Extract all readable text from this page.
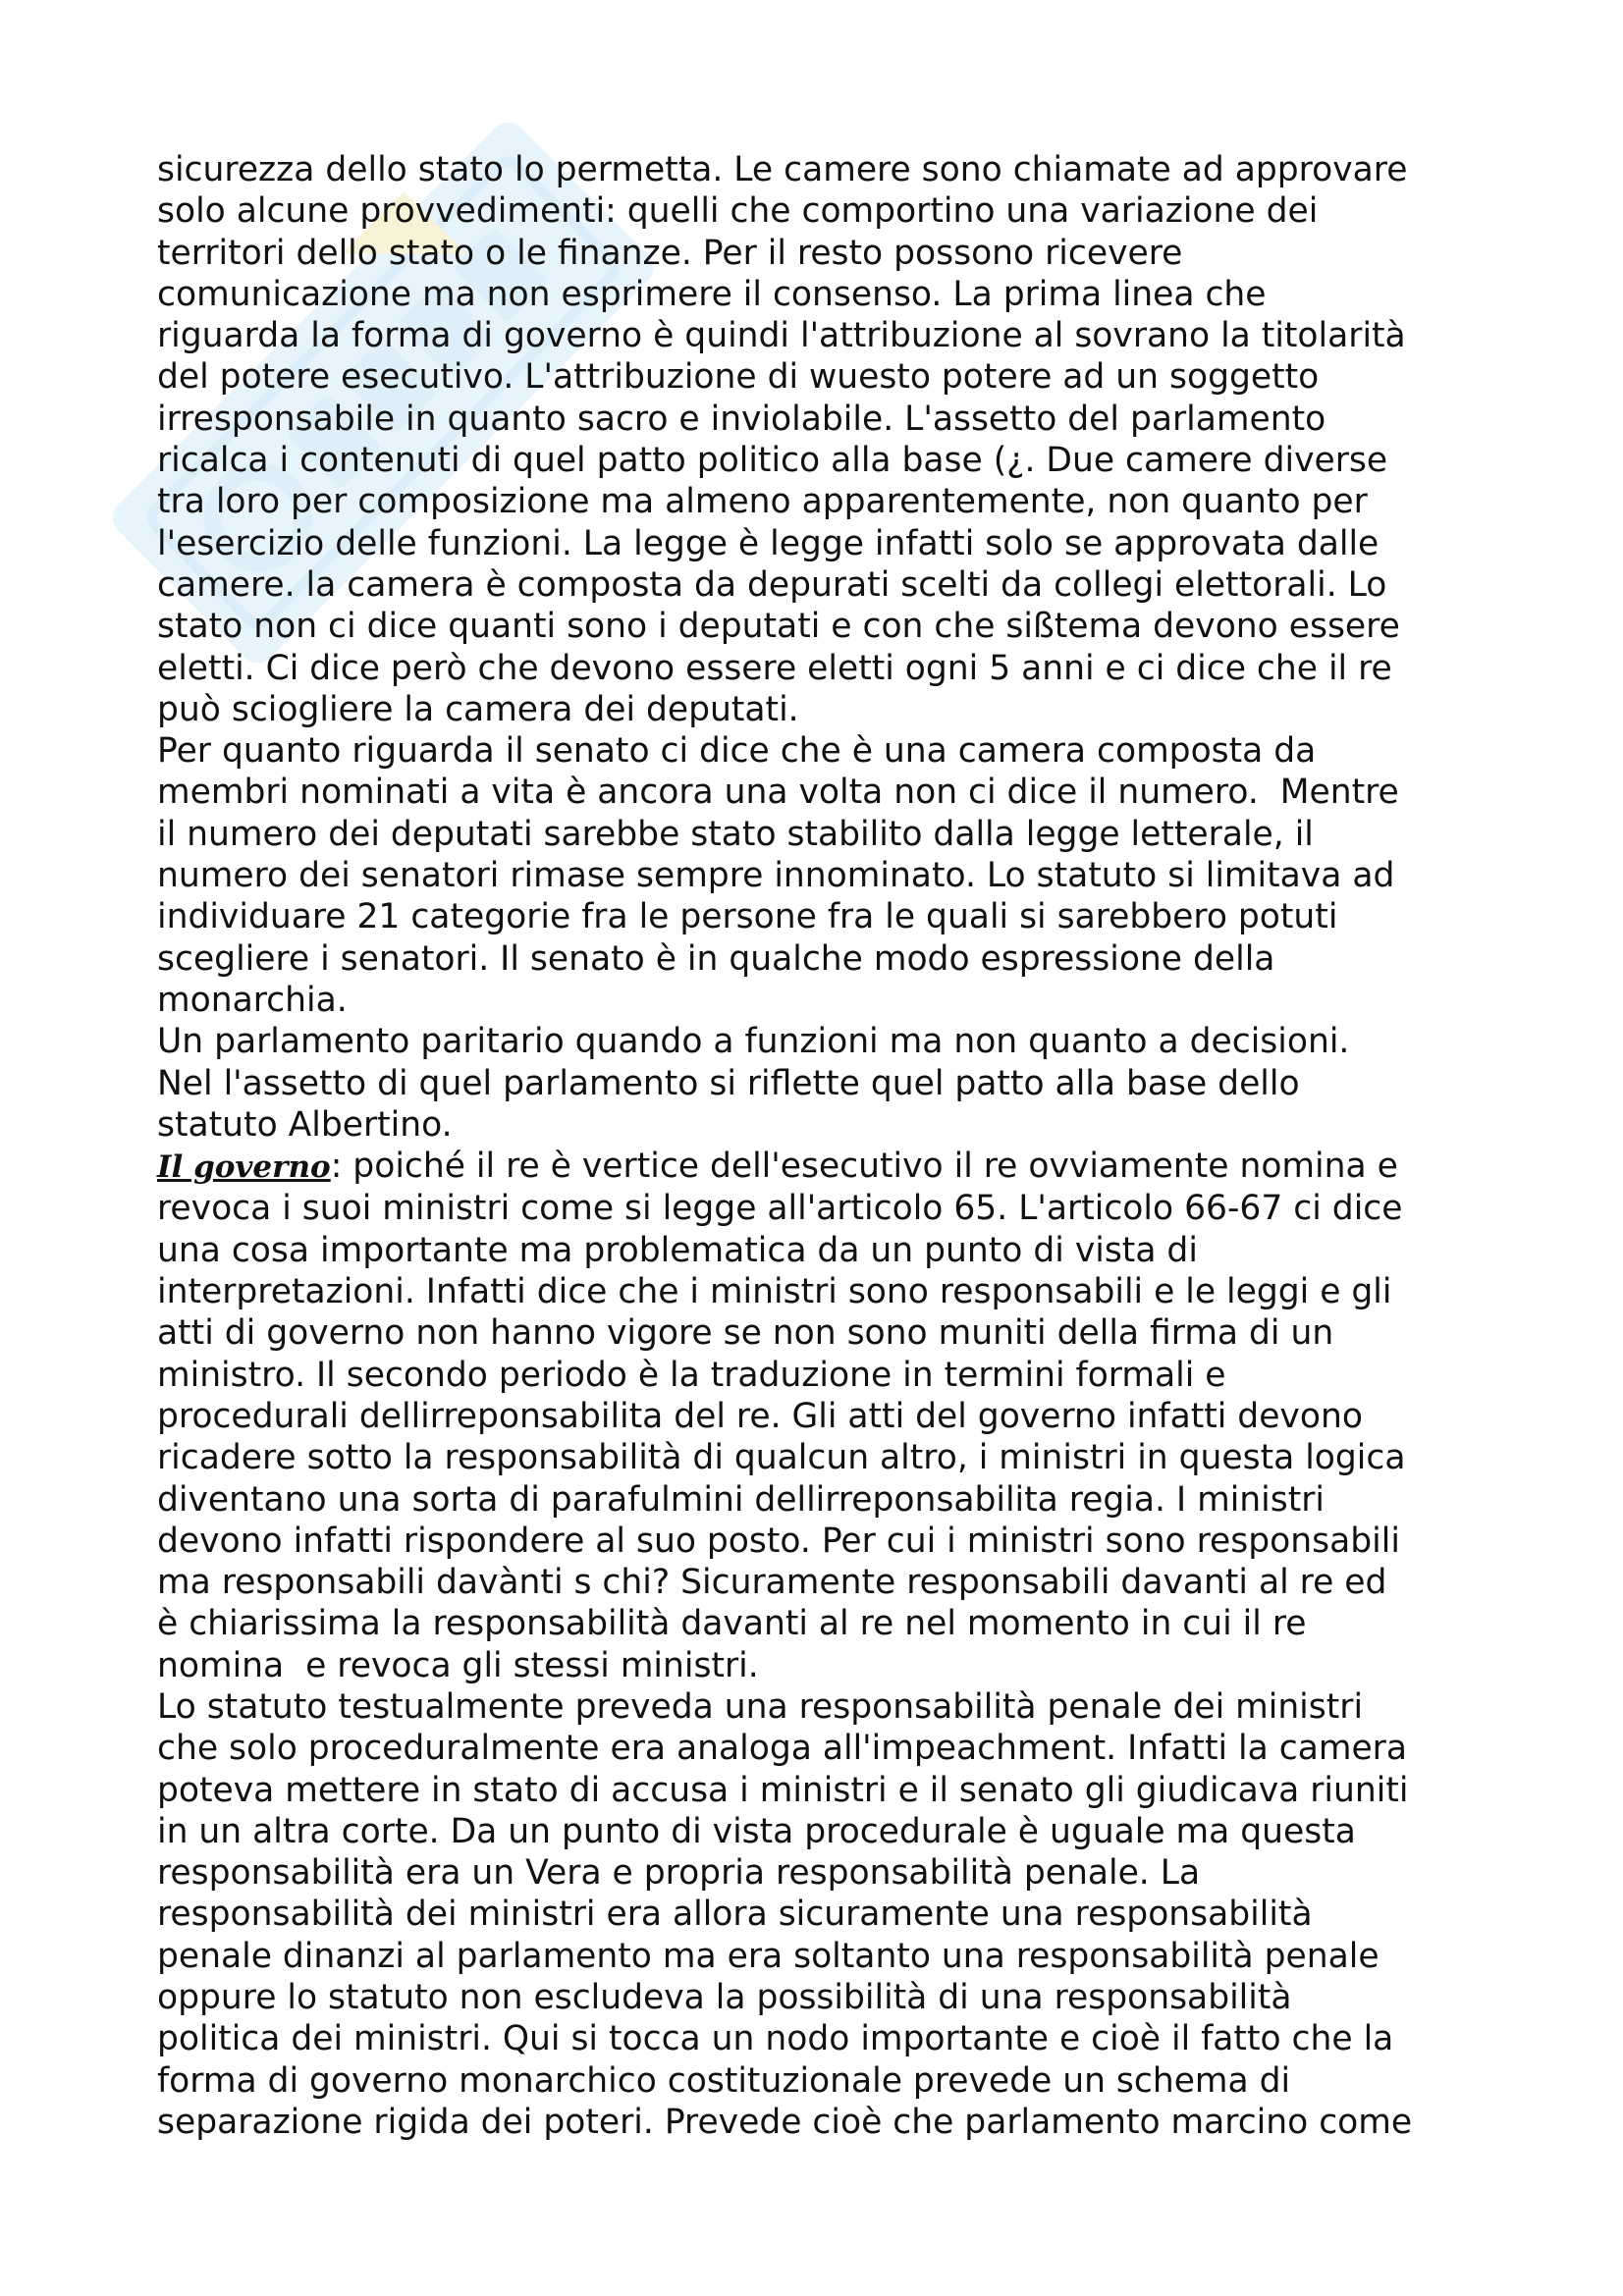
sicurezza dello stato lo permetta. Le camere sono chiamate ad approvare
solo alcune provvedimenti: quelli che comportino una variazione dei
territori dello stato o le finanze. Per il resto possono ricevere
comunicazione ma non esprimere il consenso. La prima linea che
riguarda la forma di governo è quindi l'attribuzione al sovrano la titolarità
del potere esecutivo. L'attribuzione di wuesto potere ad un soggetto
irresponsabile in quanto sacro e inviolabile. L'assetto del parlamento
ricalca i contenuti di quel patto politico alla base (¿. Due camere diverse
tra loro per composizione ma almeno apparentemente, non quanto per
l'esercizio delle funzioni. La legge è legge infatti solo se approvata dalle
camere. la camera è composta da depurati scelti da collegi elettorali. Lo
stato non ci dice quanti sono i deputati e con che sißtema devono essere
eletti. Ci dice però che devono essere eletti ogni 5 anni e ci dice che il re
può sciogliere la camera dei deputati.
Per quanto riguarda il senato ci dice che è una camera composta da
membri nominati a vita è ancora una volta non ci dice il numero.  Mentre
il numero dei deputati sarebbe stato stabilito dalla legge letterale, il
numero dei senatori rimase sempre innominato. Lo statuto si limitava ad
individuare 21 categorie fra le persone fra le quali si sarebbero potuti
scegliere i senatori. Il senato è in qualche modo espressione della
monarchia.
Un parlamento paritario quando a funzioni ma non quanto a decisioni.
Nel l'assetto di quel parlamento si riflette quel patto alla base dello
statuto Albertino.
Il governo: poiché il re è vertice dell'esecutivo il re ovviamente nomina e
revoca i suoi ministri come si legge all'articolo 65. L'articolo 66-67 ci dice
una cosa importante ma problematica da un punto di vista di
interpretazioni. Infatti dice che i ministri sono responsabili e le leggi e gli
atti di governo non hanno vigore se non sono muniti della firma di un
ministro. Il secondo periodo è la traduzione in termini formali e
procedurali dellirreponsabilita del re. Gli atti del governo infatti devono
ricadere sotto la responsabilità di qualcun altro, i ministri in questa logica
diventano una sorta di parafulmini dellirreponsabilita regia. I ministri
devono infatti rispondere al suo posto. Per cui i ministri sono responsabili
ma responsabili davànti s chi? Sicuramente responsabili davanti al re ed
è chiarissima la responsabilità davanti al re nel momento in cui il re
nomina  e revoca gli stessi ministri.
Lo statuto testualmente preveda una responsabilità penale dei ministri
che solo proceduralmente era analoga all'impeachment. Infatti la camera
poteva mettere in stato di accusa i ministri e il senato gli giudicava riuniti
in un altra corte. Da un punto di vista procedurale è uguale ma questa
responsabilità era un Vera e propria responsabilità penale. La
responsabilità dei ministri era allora sicuramente una responsabilità
penale dinanzi al parlamento ma era soltanto una responsabilità penale
oppure lo statuto non escludeva la possibilità di una responsabilità
politica dei ministri. Qui si tocca un nodo importante e cioè il fatto che la
forma di governo monarchico costituzionale prevede un schema di
separazione rigida dei poteri. Prevede cioè che parlamento marcino come
